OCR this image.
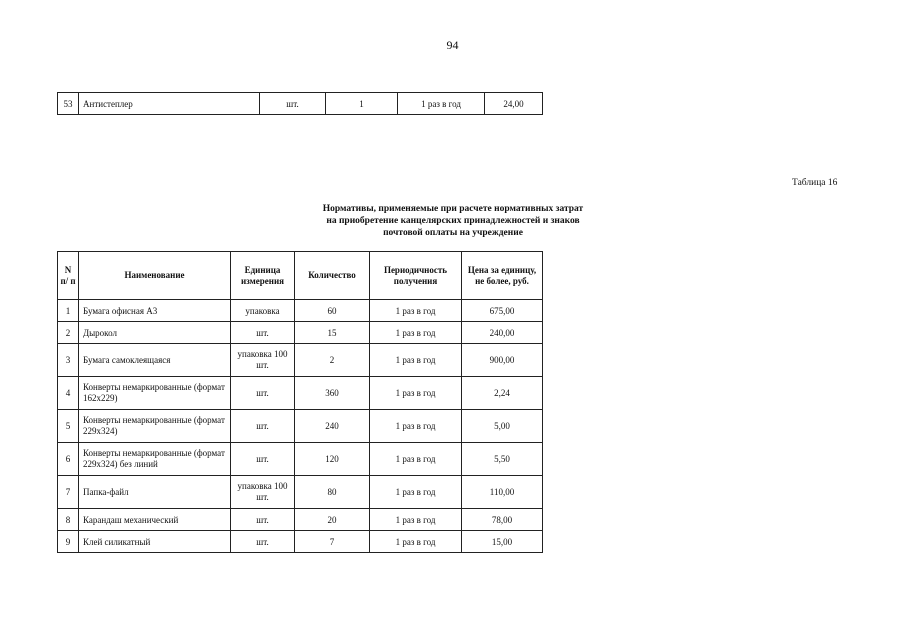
94
53	Антистеплер	шт.	1	1 раз в год	24,00
Таблица 16
Нормативы, применяемые при расчете нормативных затрат
на приобретение канцелярских принадлежностей и знаков
почтовой оплаты на учреждение
N п/ п	Наименование	Единица измерения	Количество	Периодичность получения	Цена за единицу, не более, руб.
1	Бумага офисная А3	упаковка	60	1 раз в год	675,00
2	Дырокол	шт.	15	1 раз в год	240,00
3	Бумага самоклеящаяся	упаковка 100 шт.	2	1 раз в год	900,00
4	Конверты немаркированные (формат 162х229)	шт.	360	1 раз в год	2,24
5	Конверты немаркированные (формат 229х324)	шт.	240	1 раз в год	5,00
6	Конверты немаркированные (формат 229х324) без линий	шт.	120	1 раз в год	5,50
7	Папка-файл	упаковка 100 шт.	80	1 раз в год	110,00
8	Карандаш механический	шт.	20	1 раз в год	78,00
9	Клей силикатный	шт.	7	1 раз в год	15,00
